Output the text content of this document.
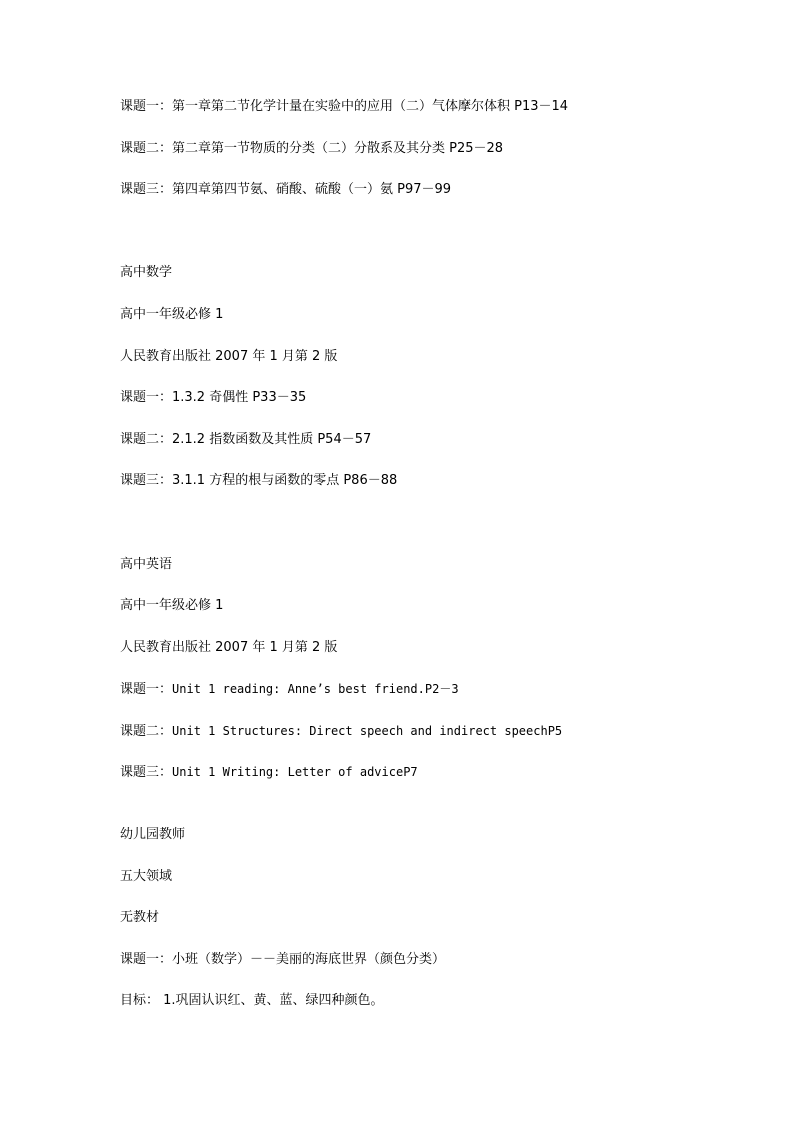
课题一：第一章第二节化学计量在实验中的应用（二）气体摩尔体积 P13－14
课题二：第二章第一节物质的分类（二）分散系及其分类 P25－28
课题三：第四章第四节氨、硝酸、硫酸（一）氨 P97－99
高中数学
高中一年级必修 1
人民教育出版社 2007 年 1 月第 2 版
课题一：1.3.2 奇偶性 P33－35
课题二：2.1.2 指数函数及其性质 P54－57
课题三：3.1.1 方程的根与函数的零点 P86－88
高中英语
高中一年级必修 1
人民教育出版社 2007 年 1 月第 2 版
课题一：Unit 1 reading: Anne’s best friend.P2－3
课题二：Unit 1 Structures: Direct speech and indirect speechP5
课题三：Unit 1 Writing: Letter of adviceP7
幼儿园教师
五大领域
无教材
课题一：小班（数学）－－美丽的海底世界（颜色分类）
目标： 1.巩固认识红、黄、蓝、绿四种颜色。
